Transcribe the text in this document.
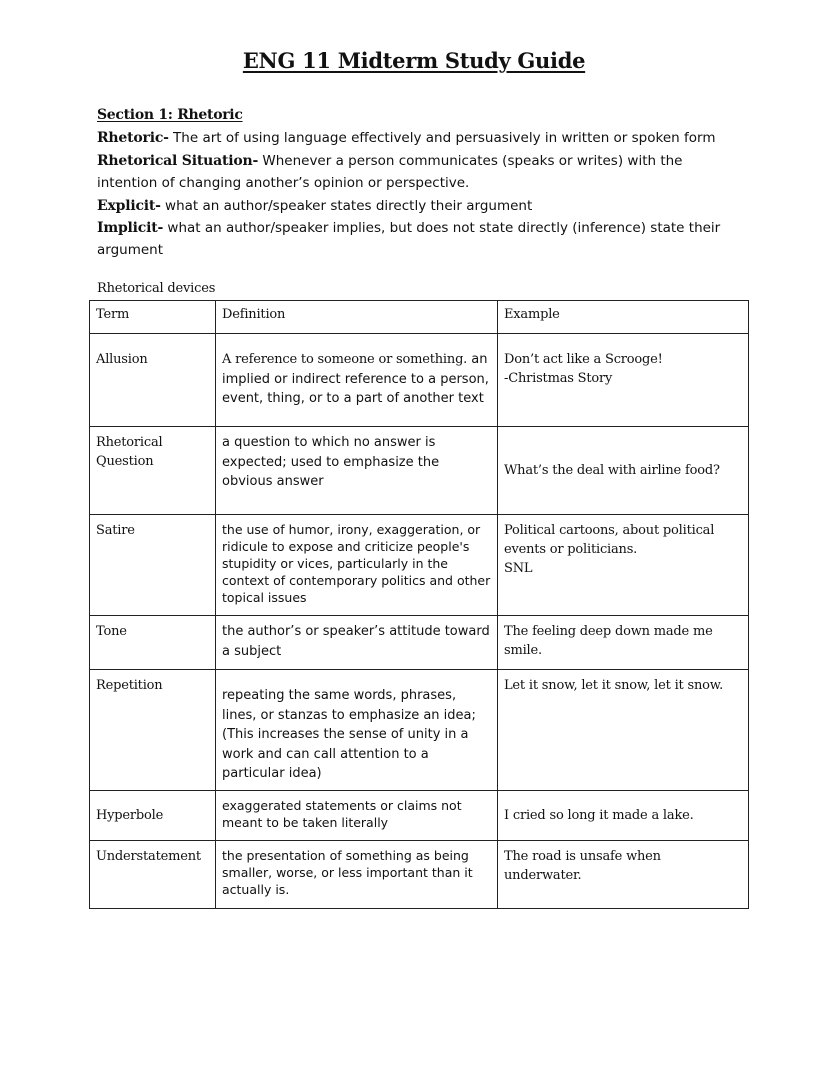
ENG 11 Midterm Study Guide
Section 1: Rhetoric

Rhetoric- The art of using language effectively and persuasively in written or spoken form

Rhetorical Situation- Whenever a person communicates (speaks or writes) with the intention of changing another’s opinion or perspective.

Explicit- what an author/speaker states directly their argument

Implicit- what an author/speaker implies, but does not state directly (inference) state their argument

Rhetorical devices
Term	Definition	Example
Allusion	A reference to someone or something. an implied or indirect reference to a person, event, thing, or to a part of another text	Don’t act like a Scrooge!
-Christmas Story

Rhetorical Question	a question to which no answer is expected; used to emphasize the obvious answer	What’s the deal with airline food?

Satire	the use of humor, irony, exaggeration, or ridicule to expose and criticize people's stupidity or vices, particularly in the context of contemporary politics and other topical issues	Political cartoons, about political events or politicians.
SNL

Tone	the author’s or speaker’s attitude toward a subject	The feeling deep down made me smile.

Repetition	repeating the same words, phrases, lines, or stanzas to emphasize an idea; (This increases the sense of unity in a work and can call attention to a particular idea)	Let it snow, let it snow, let it snow.

Hyperbole	exaggerated statements or claims not meant to be taken literally	I cried so long it made a lake.

Understatement	the presentation of something as being smaller, worse, or less important than it actually is.	The road is unsafe when underwater.
